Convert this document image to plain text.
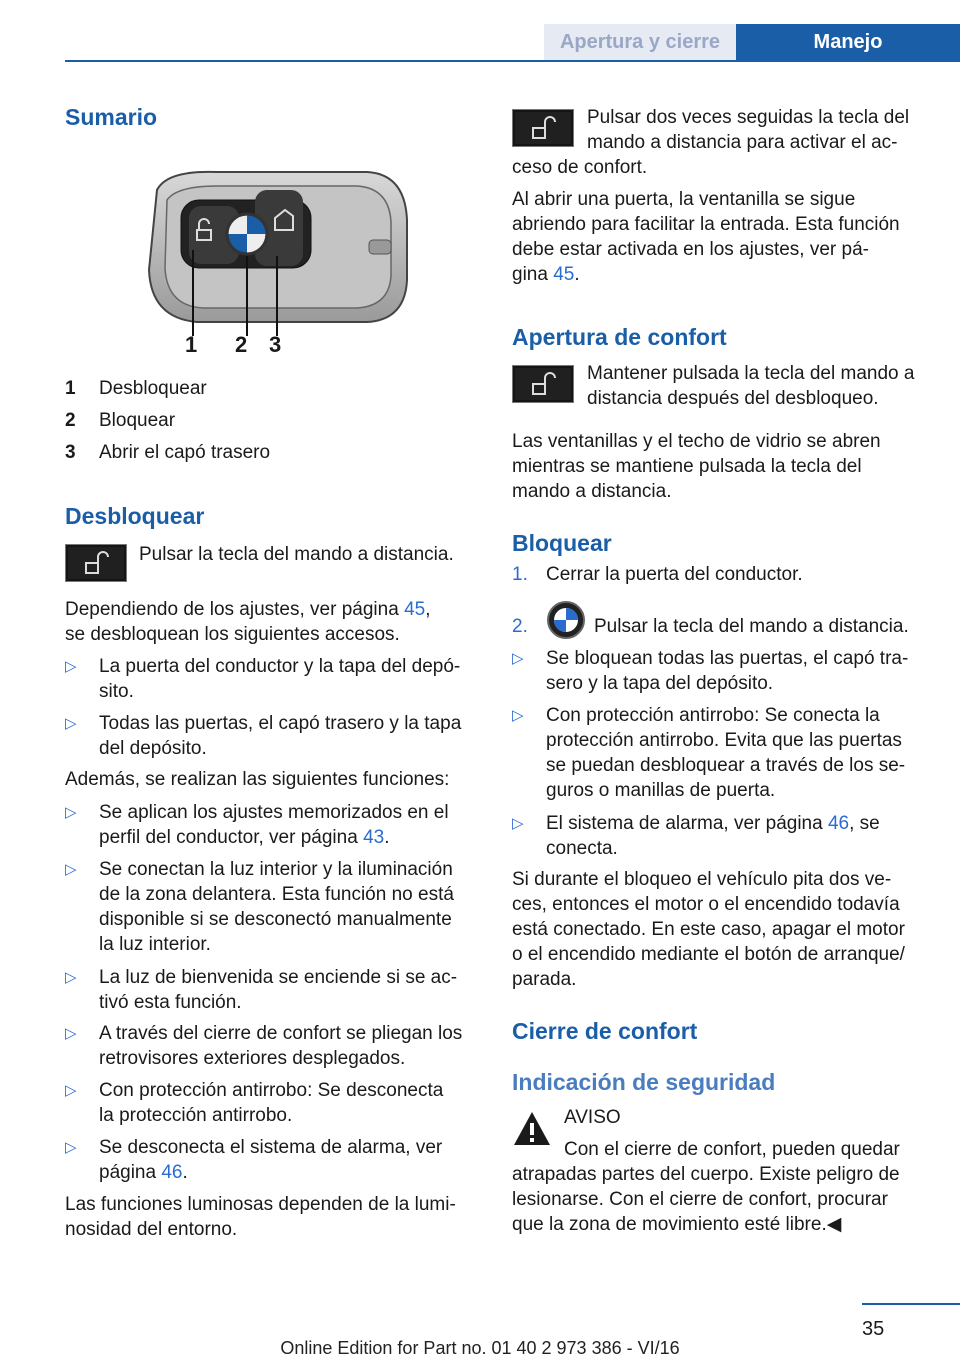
Apertura y cierre	Manejo
Sumario
1 2 3
1 Desbloquear
2 Bloquear
3 Abrir el capó trasero
Desbloquear

Pulsar la tecla del mando a distancia.

Dependiendo de los ajustes, ver página 45,
se desbloquean los siguientes accesos.

▷ La puerta del conductor y la tapa del depó-
sito.
▷ Todas las puertas, el capó trasero y la tapa
del depósito.

Además, se realizan las siguientes funciones:

▷ Se aplican los ajustes memorizados en el
perfil del conductor, ver página 43.
▷ Se conectan la luz interior y la iluminación
de la zona delantera. Esta función no está
disponible si se desconectó manualmente
la luz interior.
▷ La luz de bienvenida se enciende si se ac-
tivó esta función.
▷ A través del cierre de confort se pliegan los
retrovisores exteriores desplegados.
▷ Con protección antirrobo: Se desconecta
la protección antirrobo.
▷ Se desconecta el sistema de alarma, ver
página 46.

Las funciones luminosas dependen de la lumi-
nosidad del entorno.

Pulsar dos veces seguidas la tecla del
mando a distancia para activar el ac-

ceso de confort.

Al abrir una puerta, la ventanilla se sigue
abriendo para facilitar la entrada. Esta función
debe estar activada en los ajustes, ver pá-
gina 45.

Apertura de confort

Mantener pulsada la tecla del mando a
distancia después del desbloqueo.

Las ventanillas y el techo de vidrio se abren
mientras se mantiene pulsada la tecla del
mando a distancia.

Bloquear
1. Cerrar la puerta del conductor.
2.	Pulsar la tecla del mando a distancia.
▷ Se bloquean todas las puertas, el capó tra-
sero y la tapa del depósito.
▷ Con protección antirrobo: Se conecta la
protección antirrobo. Evita que las puertas
se puedan desbloquear a través de los se-
guros o manillas de puerta.
▷ El sistema de alarma, ver página 46, se
conecta.

Si durante el bloqueo el vehículo pita dos ve-
ces, entonces el motor o el encendido todavía
está conectado. En este caso, apagar el motor
o el encendido mediante el botón de arranque/
parada.

Cierre de confort
Indicación de seguridad

AVISO

Con el cierre de confort, pueden quedar

atrapadas partes del cuerpo. Existe peligro de
lesionarse. Con el cierre de confort, procurar
que la zona de movimiento esté libre.◀

35
Online Edition for Part no. 01 40 2 973 386 - VI/16
